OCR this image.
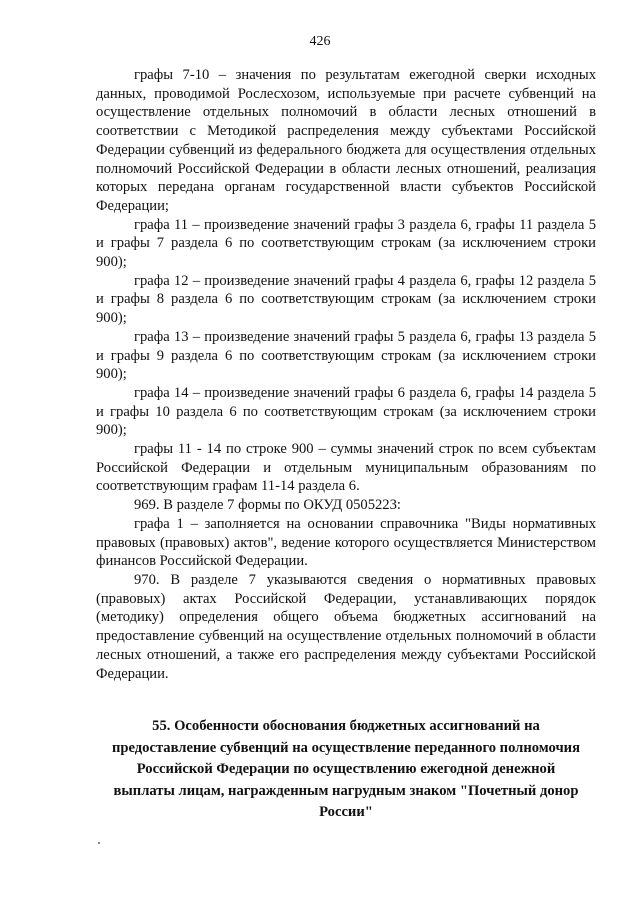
426

графы 7-10 – значения по результатам ежегодной сверки исходных данных, проводимой Рослесхозом, используемые при расчете субвенций на осуществление отдельных полномочий в области лесных отношений в соответствии с Методикой распределения между субъектами Российской Федерации субвенций из федерального бюджета для осуществления отдельных полномочий Российской Федерации в области лесных отношений, реализация которых передана органам государственной власти субъектов Российской Федерации;

графа 11 – произведение значений графы 3 раздела 6, графы 11 раздела 5 и графы 7 раздела 6 по соответствующим строкам (за исключением строки 900);

графа 12 – произведение значений графы 4 раздела 6, графы 12 раздела 5 и графы 8 раздела 6 по соответствующим строкам (за исключением строки 900);

графа 13 – произведение значений графы 5 раздела 6, графы 13 раздела 5 и графы 9 раздела 6 по соответствующим строкам (за исключением строки 900);

графа 14 – произведение значений графы 6 раздела 6, графы 14 раздела 5 и графы 10 раздела 6 по соответствующим строкам (за исключением строки 900);

графы 11 - 14 по строке 900 – суммы значений строк по всем субъектам Российской Федерации и отдельным муниципальным образованиям по соответствующим графам 11-14 раздела 6.

969. В разделе 7 формы по ОКУД 0505223:

графа 1 – заполняется на основании справочника "Виды нормативных правовых (правовых) актов", ведение которого осуществляется Министерством финансов Российской Федерации.

970. В разделе 7 указываются сведения о нормативных правовых (правовых) актах Российской Федерации, устанавливающих порядок (методику) определения общего объема бюджетных ассигнований на предоставление субвенций на осуществление отдельных полномочий в области лесных отношений, а также его распределения между субъектами Российской Федерации.

55. Особенности обоснования бюджетных ассигнований на
предоставление субвенций на осуществление переданного полномочия
Российской Федерации по осуществлению ежегодной денежной
выплаты лицам, награжденным нагрудным знаком "Почетный донор
России"
